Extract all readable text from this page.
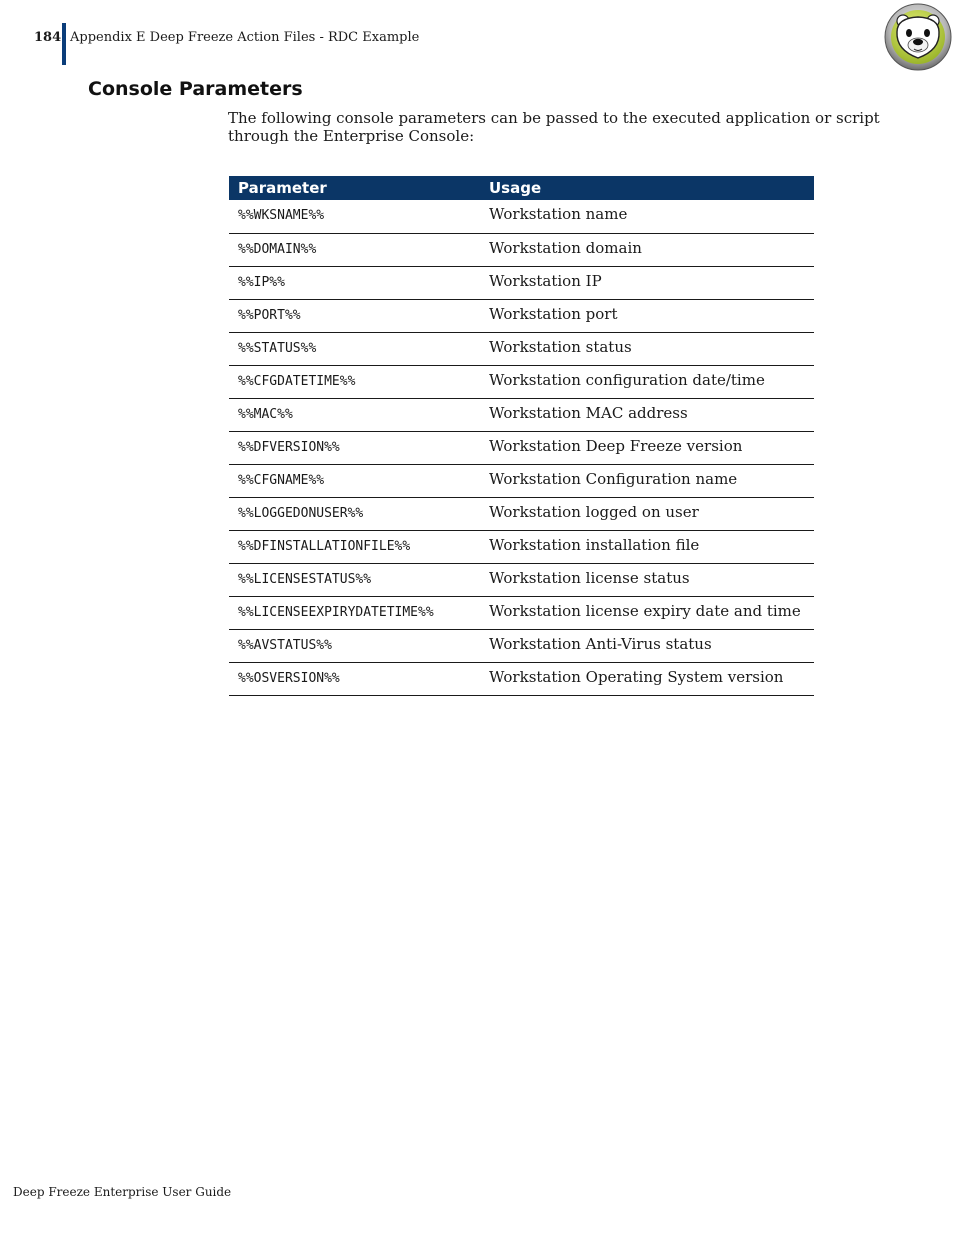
184 Appendix E Deep Freeze Action Files - RDC Example
Console Parameters
The following console parameters can be passed to the executed application or script through the Enterprise Console:
Parameter	Usage
%%WKSNAME%%	Workstation name
%%DOMAIN%%	Workstation domain
%%IP%%	Workstation IP
%%PORT%%	Workstation port
%%STATUS%%	Workstation status
%%CFGDATETIME%%	Workstation configuration date/time
%%MAC%%	Workstation MAC address
%%DFVERSION%%	Workstation Deep Freeze version
%%CFGNAME%%	Workstation Configuration name
%%LOGGEDONUSER%%	Workstation logged on user
%%DFINSTALLATIONFILE%%	Workstation installation file
%%LICENSESTATUS%%	Workstation license status
%%LICENSEEXPIRYDATETIME%%	Workstation license expiry date and time
%%AVSTATUS%%	Workstation Anti-Virus status
%%OSVERSION%%	Workstation Operating System version
Deep Freeze Enterprise User Guide
